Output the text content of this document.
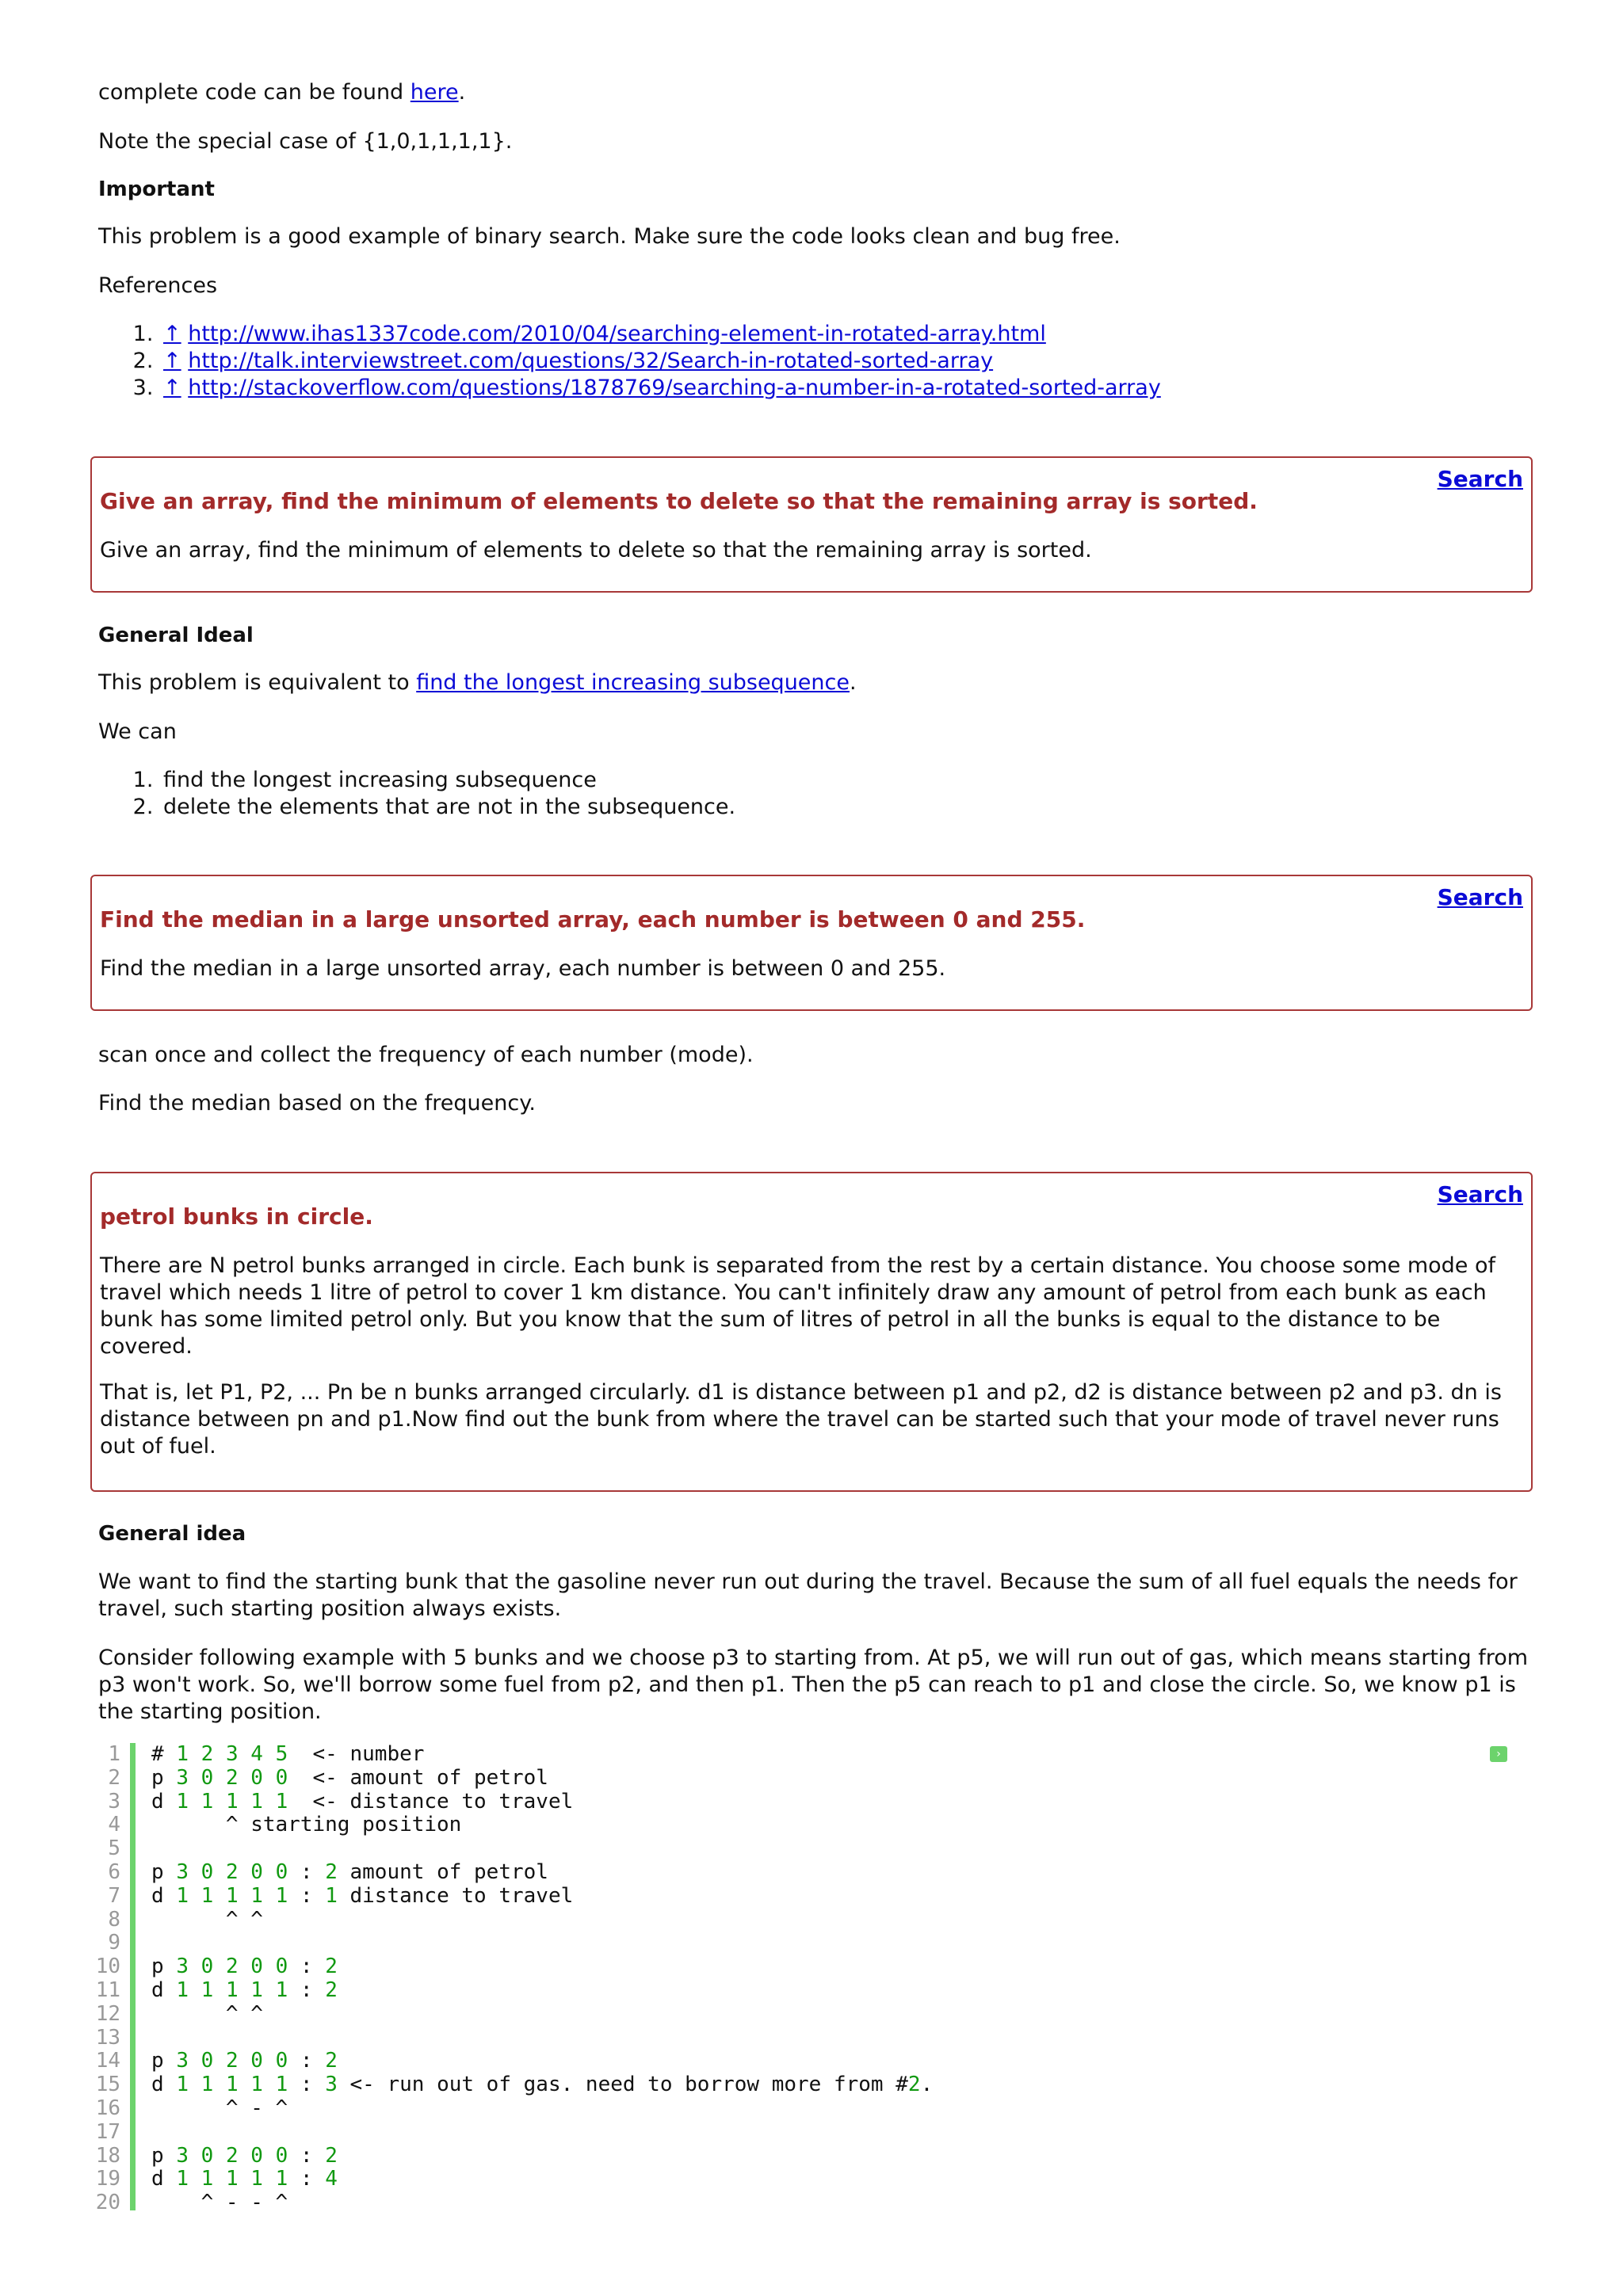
complete code can be found here.

Note the special case of {1,0,1,1,1,1}.

Important

This problem is a good example of binary search. Make sure the code looks clean and bug free.

References

1. ↑ http://www.ihas1337code.com/2010/04/searching-element-in-rotated-array.html
2. ↑ http://talk.interviewstreet.com/questions/32/Search-in-rotated-sorted-array
3. ↑ http://stackoverflow.com/questions/1878769/searching-a-number-in-a-rotated-sorted-array
Search
Give an array, find the minimum of elements to delete so that the remaining array is sorted.
Give an array, find the minimum of elements to delete so that the remaining array is sorted.

General Ideal

This problem is equivalent to find the longest increasing subsequence.

We can

1. find the longest increasing subsequence
2. delete the elements that are not in the subsequence.
Search
Find the median in a large unsorted array, each number is between 0 and 255.
Find the median in a large unsorted array, each number is between 0 and 255.

scan once and collect the frequency of each number (mode).

Find the median based on the frequency.

Search
petrol bunks in circle.
There are N petrol bunks arranged in circle. Each bunk is separated from the rest by a certain distance. You choose some mode of travel which needs 1 litre of petrol to cover 1 km distance. You can't infinitely draw any amount of petrol from each bunk as each bunk has some limited petrol only. But you know that the sum of litres of petrol in all the bunks is equal to the distance to be covered.
That is, let P1, P2, ... Pn be n bunks arranged circularly. d1 is distance between p1 and p2, d2 is distance between p2 and p3. dn is distance between pn and p1.Now find out the bunk from where the travel can be started such that your mode of travel never runs out of fuel.

General idea

We want to find the starting bunk that the gasoline never run out during the travel. Because the sum of all fuel equals the needs for travel, such starting position always exists.

Consider following example with 5 bunks and we choose p3 to starting from. At p5, we will run out of gas, which means starting from p3 won't work. So, we'll borrow some fuel from p2, and then p1. Then the p5 can reach to p1 and close the circle. So, we know p1 is the starting position.

1
2
3
4
5
6
7
8
9
10
11
12
13
14
15
16
17
18
19
20
# 1 2 3 4 5  <- number
p 3 0 2 0 0  <- amount of petrol
d 1 1 1 1 1  <- distance to travel
^ starting position

p 3 0 2 0 0 : 2 amount of petrol
d 1 1 1 1 1 : 1 distance to travel
^ ^

p 3 0 2 0 0 : 2
d 1 1 1 1 1 : 2
^ ^

p 3 0 2 0 0 : 2
d 1 1 1 1 1 : 3 <- run out of gas. need to borrow more from #2.
^ - ^

p 3 0 2 0 0 : 2
d 1 1 1 1 1 : 4
^ - - ^
›
